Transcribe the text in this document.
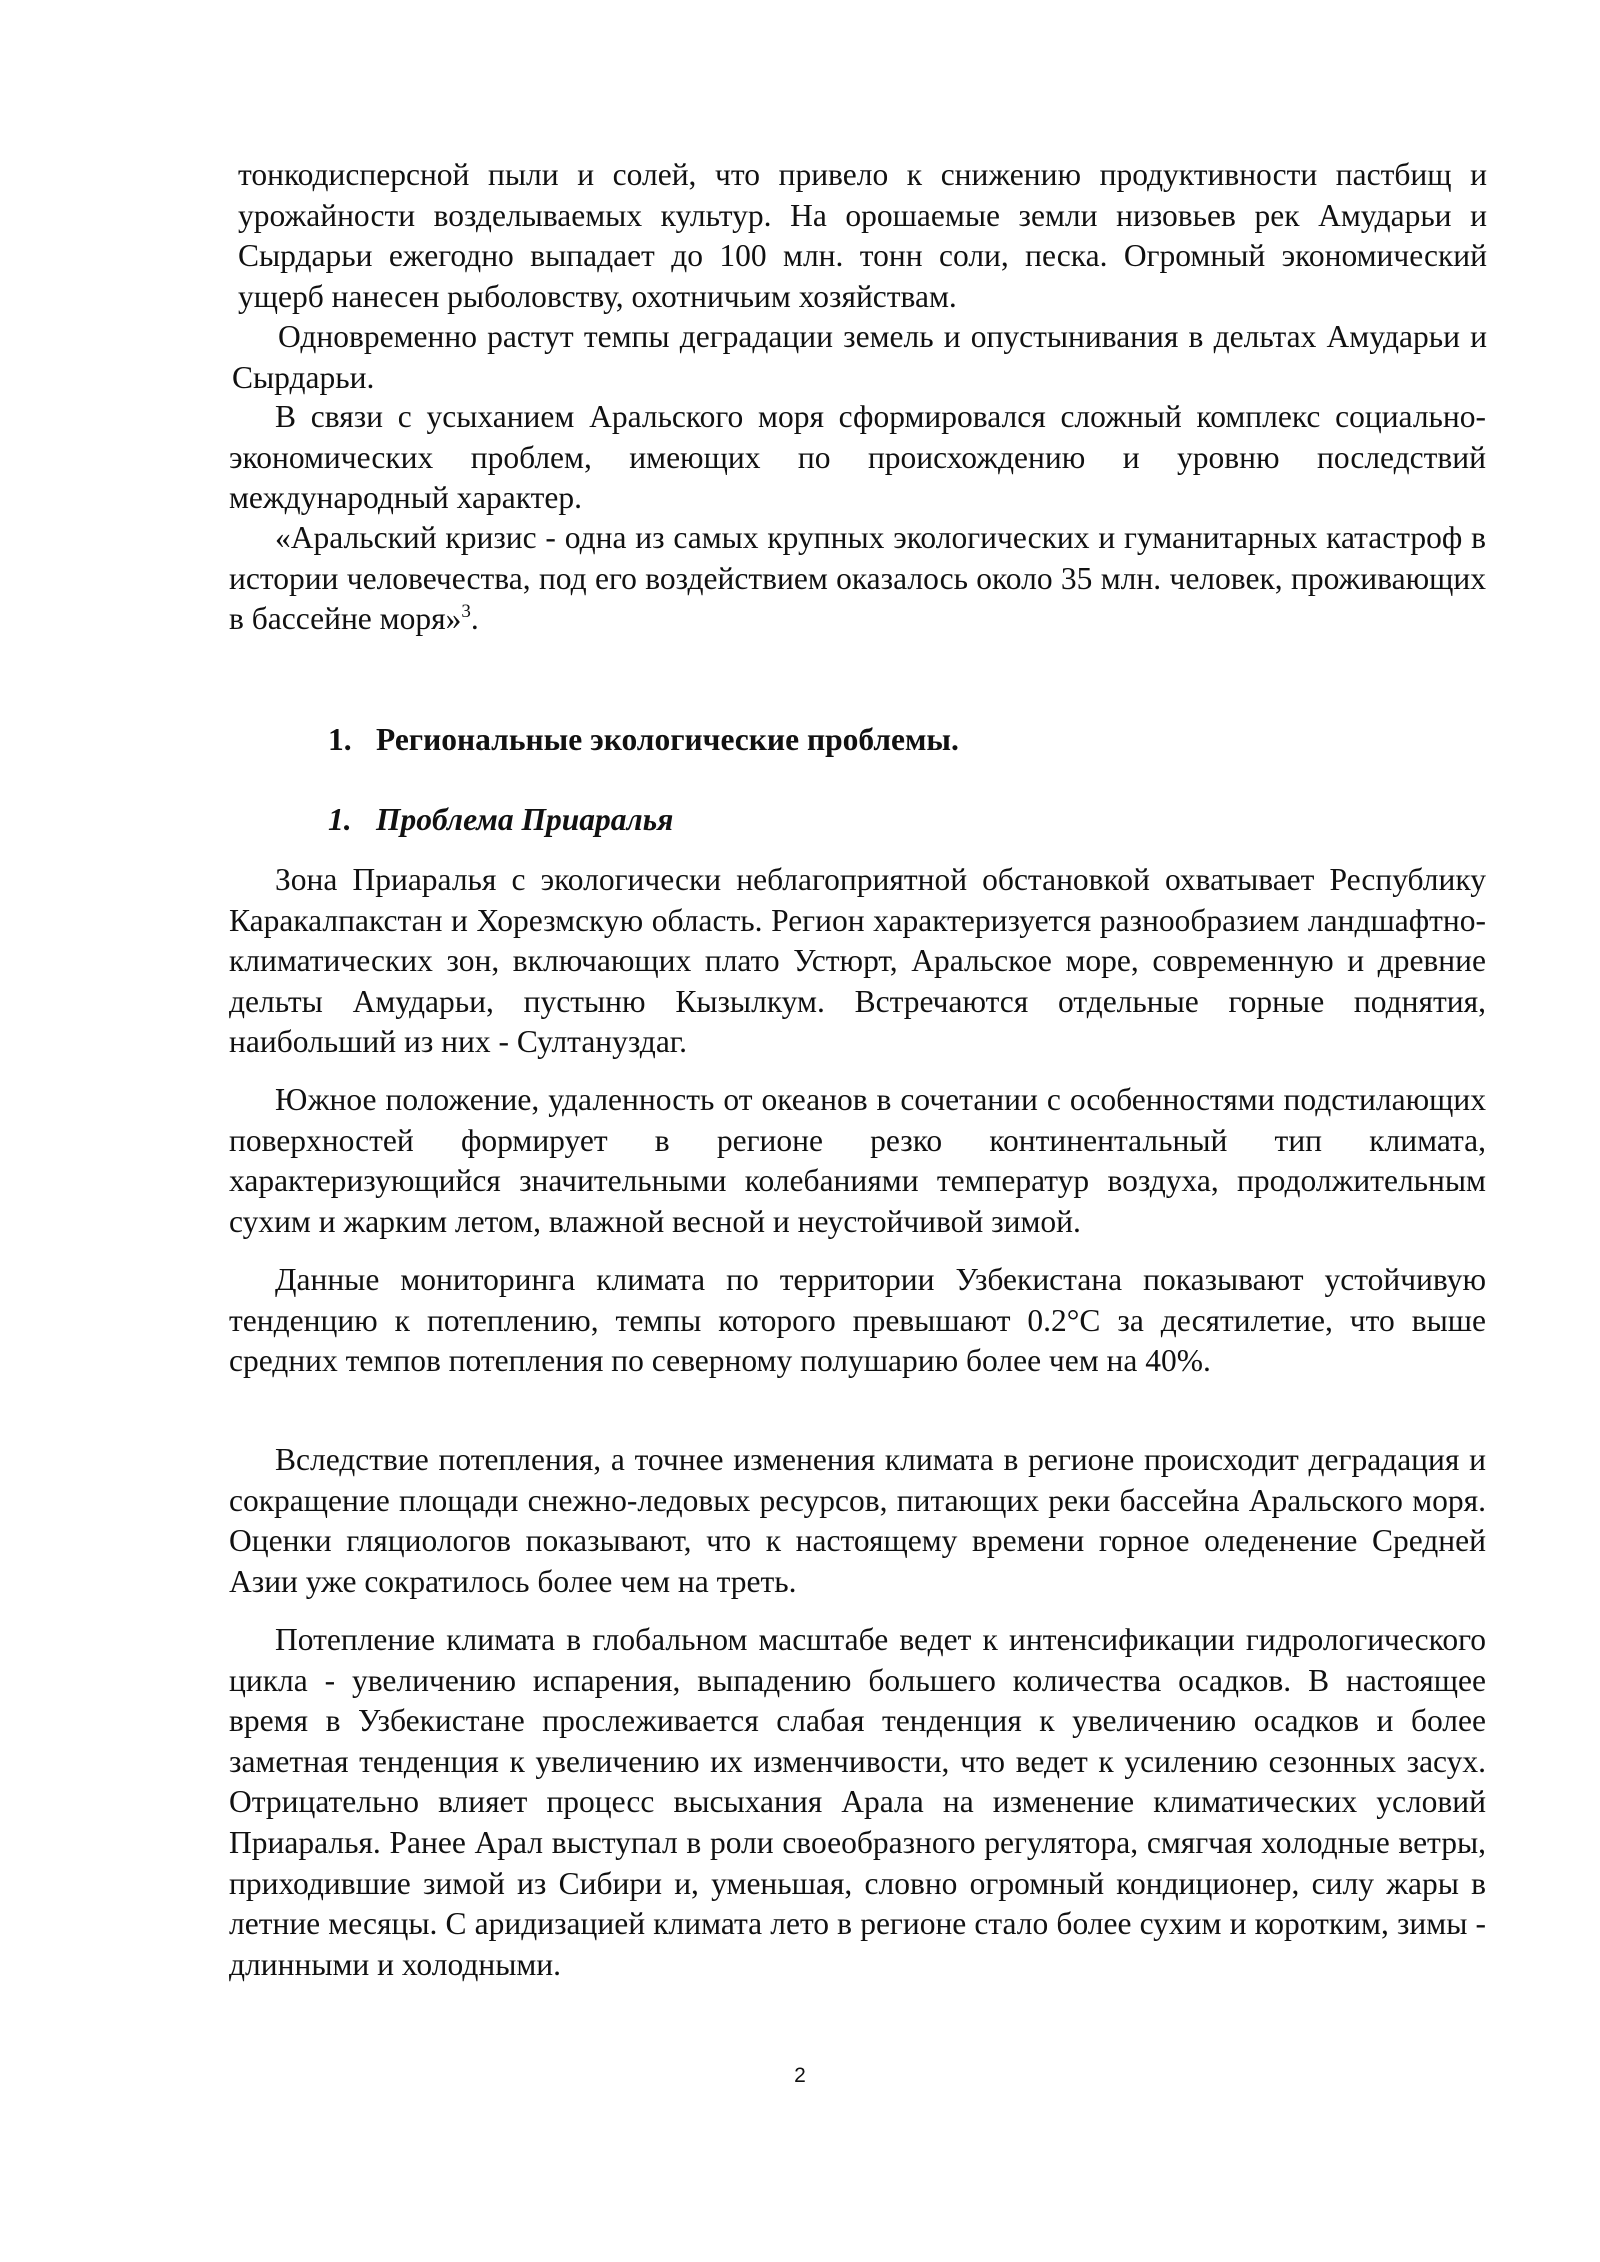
тонкодисперсной пыли и солей, что привело к снижению продуктивности пастбищ и урожайности возделываемых культур. На орошаемые земли низовьев рек Амударьи и Сырдарьи ежегодно выпадает до 100 млн. тонн соли, песка. Огромный экономический ущерб нанесен рыболовству, охотничьим хозяйствам.

Одновременно растут темпы деградации земель и опустынивания в дельтах Амударьи и Сырдарьи.

В связи с усыханием Аральского моря сформировался сложный комплекс социально-экономических проблем, имеющих по происхождению и уровню последствий международный характер.

«Аральский кризис - одна из самых крупных экологических и гуманитарных катастроф в истории человечества, под его воздействием оказалось около 35 млн. человек, проживающих в бассейне моря»$^3$.

1. Региональные экологические проблемы.
1. Проблема Приаралья

Зона Приаралья с экологически неблагоприятной обстановкой охватывает Республику Каракалпакстан и Хорезмскую область. Регион характеризуется разнообразием ландшафтно-климатических зон, включающих плато Устюрт, Аральское море, современную и древние дельты Амударьи, пустыню Кызылкум. Встречаются отдельные горные поднятия, наибольший из них - Султануздаг.

Южное положение, удаленность от океанов в сочетании с особенностями подстилающих поверхностей формирует в регионе резко континентальный тип климата, характеризующийся значительными колебаниями температур воздуха, продолжительным сухим и жарким летом, влажной весной и неустойчивой зимой.

Данные мониторинга климата по территории Узбекистана показывают устойчивую тенденцию к потеплению, темпы которого превышают 0.2°С за десятилетие, что выше средних темпов потепления по северному полушарию более чем на 40%.

Вследствие потепления, а точнее изменения климата в регионе происходит деградация и сокращение площади снежно-ледовых ресурсов, питающих реки бассейна Аральского моря. Оценки гляциологов показывают, что к настоящему времени горное оледенение Средней Азии уже сократилось более чем на треть.

Потепление климата в глобальном масштабе ведет к интенсификации гидрологического цикла - увеличению испарения, выпадению большего количества осадков. В настоящее время в Узбекистане прослеживается слабая тенденция к увеличению осадков и более заметная тенденция к увеличению их изменчивости, что ведет к усилению сезонных засух. Отрицательно влияет процесс высыхания Арала на изменение климатических условий Приаралья. Ранее Арал выступал в роли своеобразного регулятора, смягчая холодные ветры, приходившие зимой из Сибири и, уменьшая, словно огромный кондиционер, силу жары в летние месяцы. С аридизацией климата лето в регионе стало более сухим и коротким, зимы - длинными и холодными.

2
